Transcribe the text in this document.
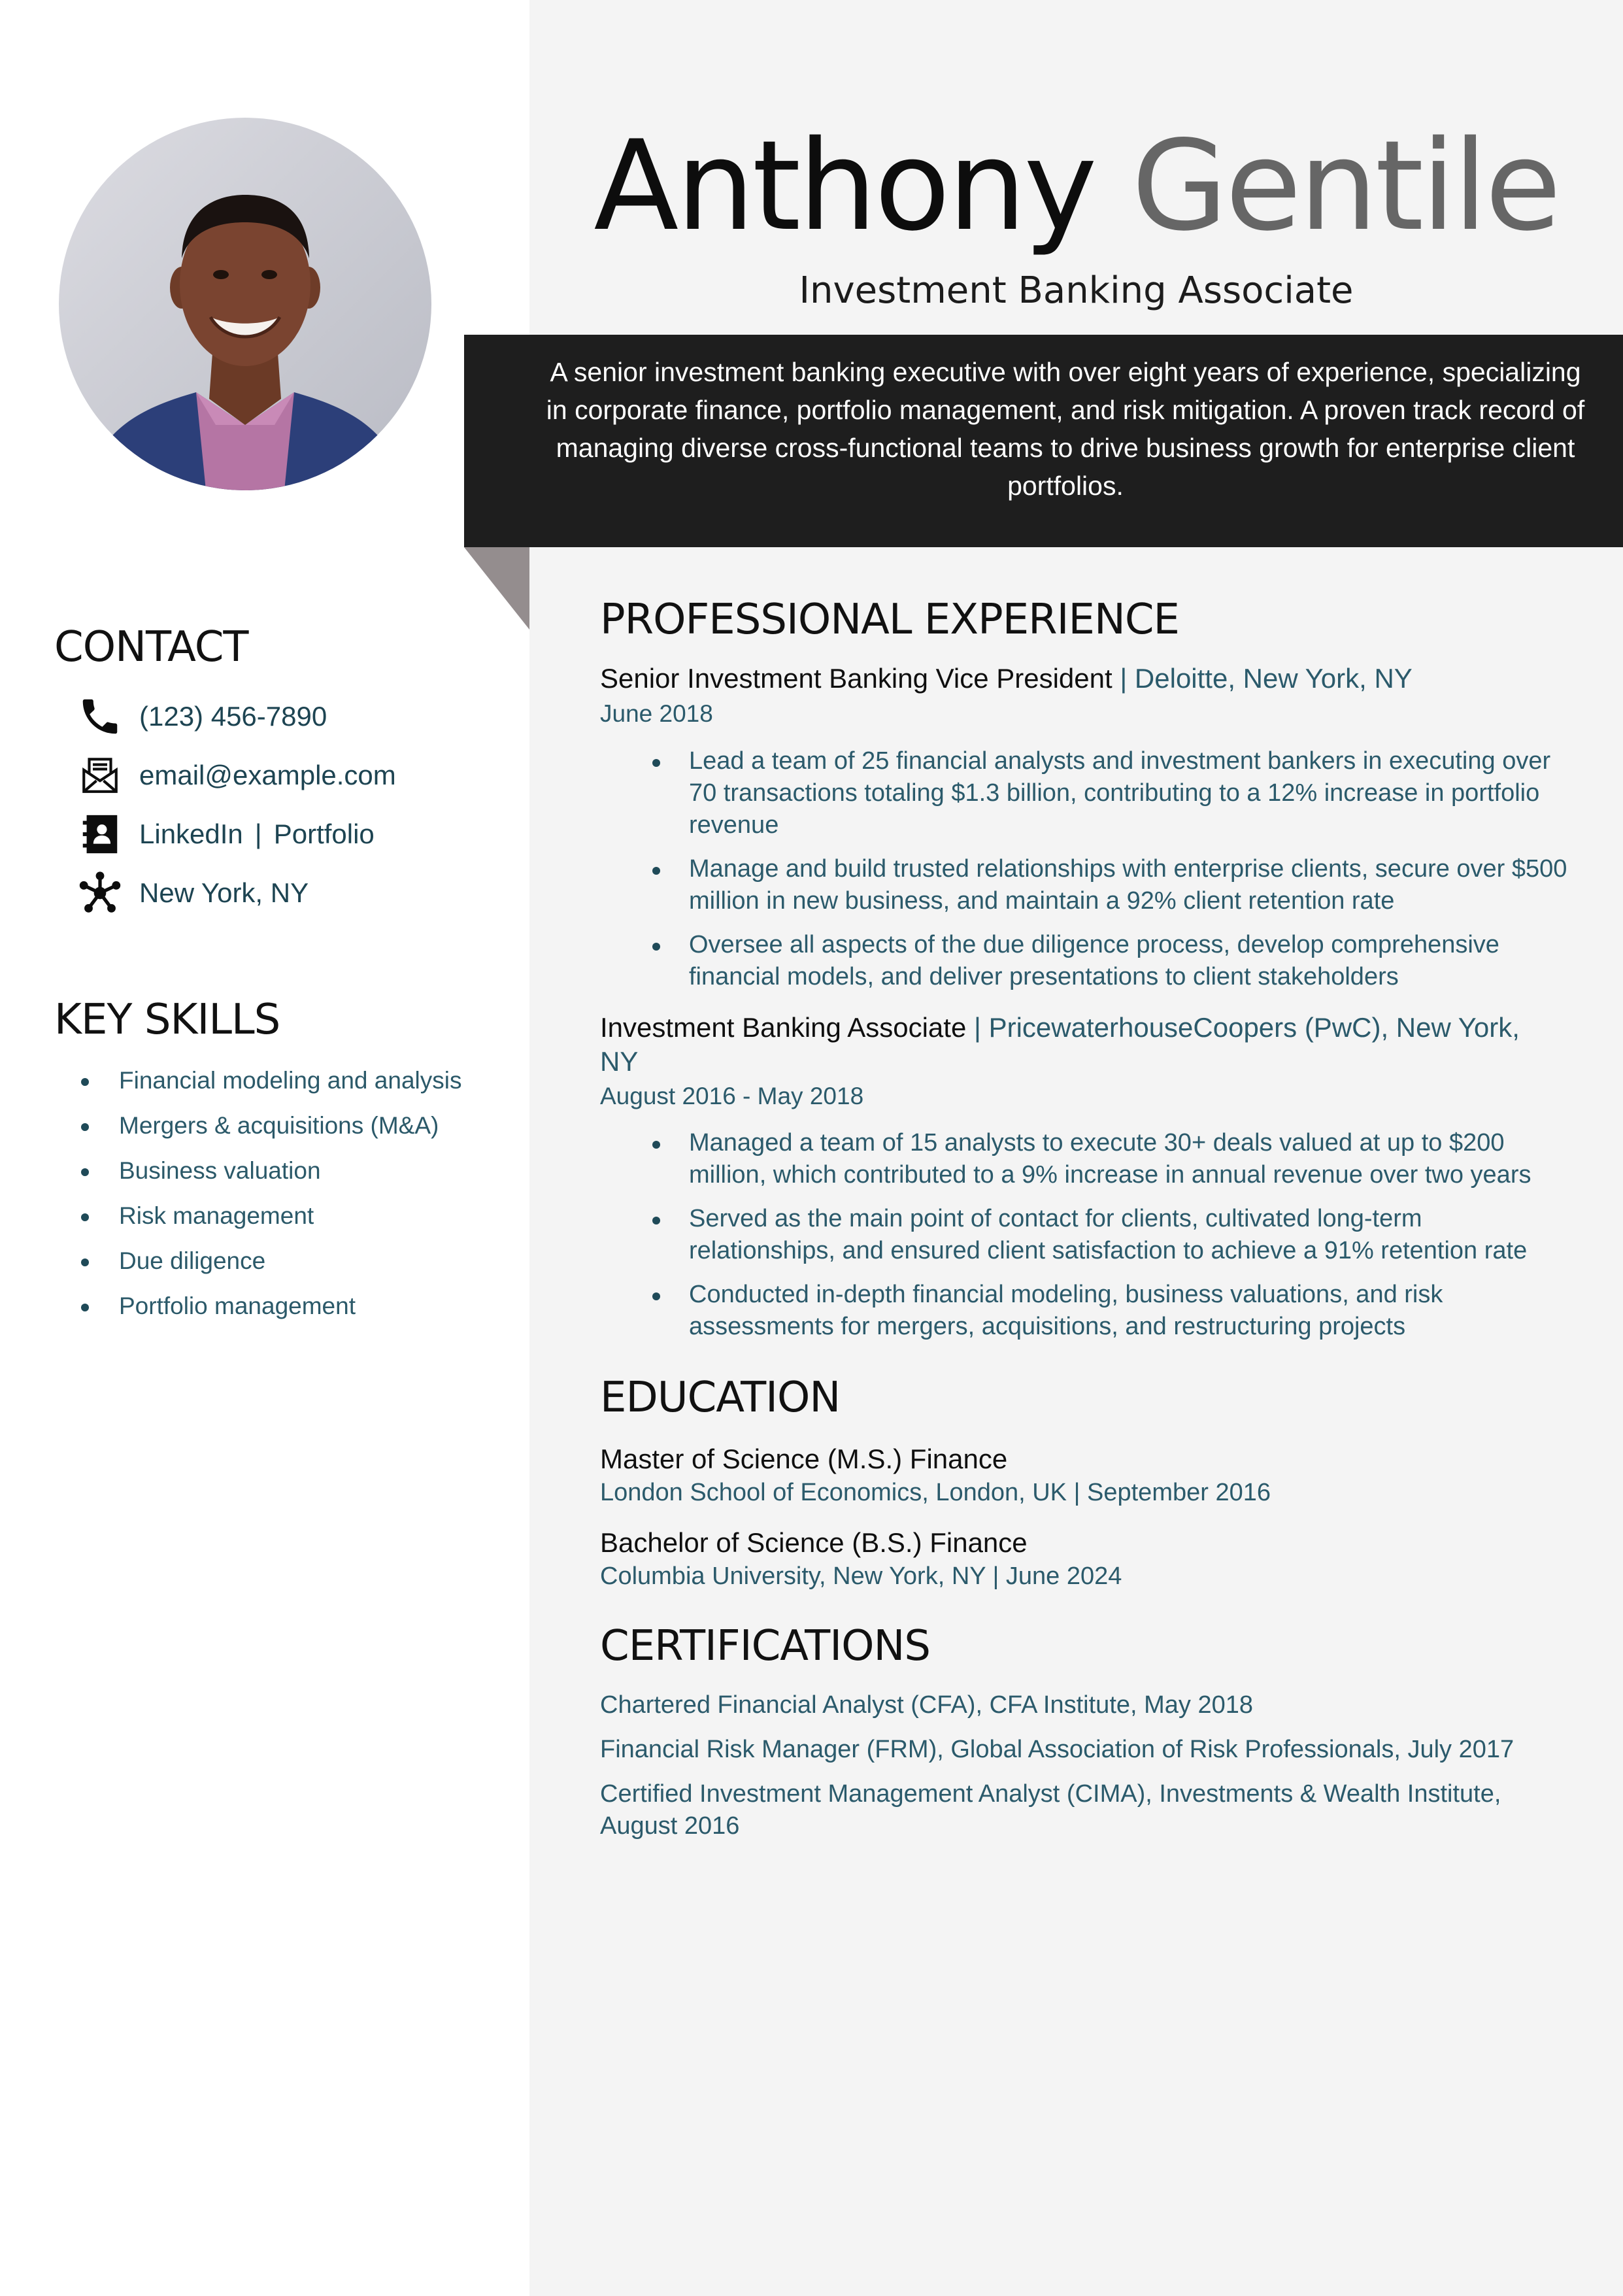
Anthony Gentile
Investment Banking Associate
A senior investment banking executive with over eight years of experience, specializing in corporate finance, portfolio management, and risk mitigation. A proven track record of managing diverse cross-functional teams to drive business growth for enterprise client portfolios.
CONTACT
(123) 456-7890
email@example.com
LinkedIn | Portfolio
New York, NY
KEY SKILLS
Financial modeling and analysis
Mergers & acquisitions (M&A)
Business valuation
Risk management
Due diligence
Portfolio management
PROFESSIONAL EXPERIENCE
Senior Investment Banking Vice President | Deloitte, New York, NY
June 2018
Lead a team of 25 financial analysts and investment bankers in executing over 70 transactions totaling $1.3 billion, contributing to a 12% increase in portfolio revenue
Manage and build trusted relationships with enterprise clients, secure over $500 million in new business, and maintain a 92% client retention rate
Oversee all aspects of the due diligence process, develop comprehensive financial models, and deliver presentations to client stakeholders
Investment Banking Associate | PricewaterhouseCoopers (PwC), New York, NY
August 2016 - May 2018
Managed a team of 15 analysts to execute 30+ deals valued at up to $200 million, which contributed to a 9% increase in annual revenue over two years
Served as the main point of contact for clients, cultivated long-term relationships, and ensured client satisfaction to achieve a 91% retention rate
Conducted in-depth financial modeling, business valuations, and risk assessments for mergers, acquisitions, and restructuring projects
EDUCATION
Master of Science (M.S.) Finance
London School of Economics, London, UK | September 2016
Bachelor of Science (B.S.) Finance
Columbia University, New York, NY | June 2024
CERTIFICATIONS
Chartered Financial Analyst (CFA), CFA Institute, May 2018
Financial Risk Manager (FRM), Global Association of Risk Professionals, July 2017
Certified Investment Management Analyst (CIMA), Investments & Wealth Institute, August 2016
